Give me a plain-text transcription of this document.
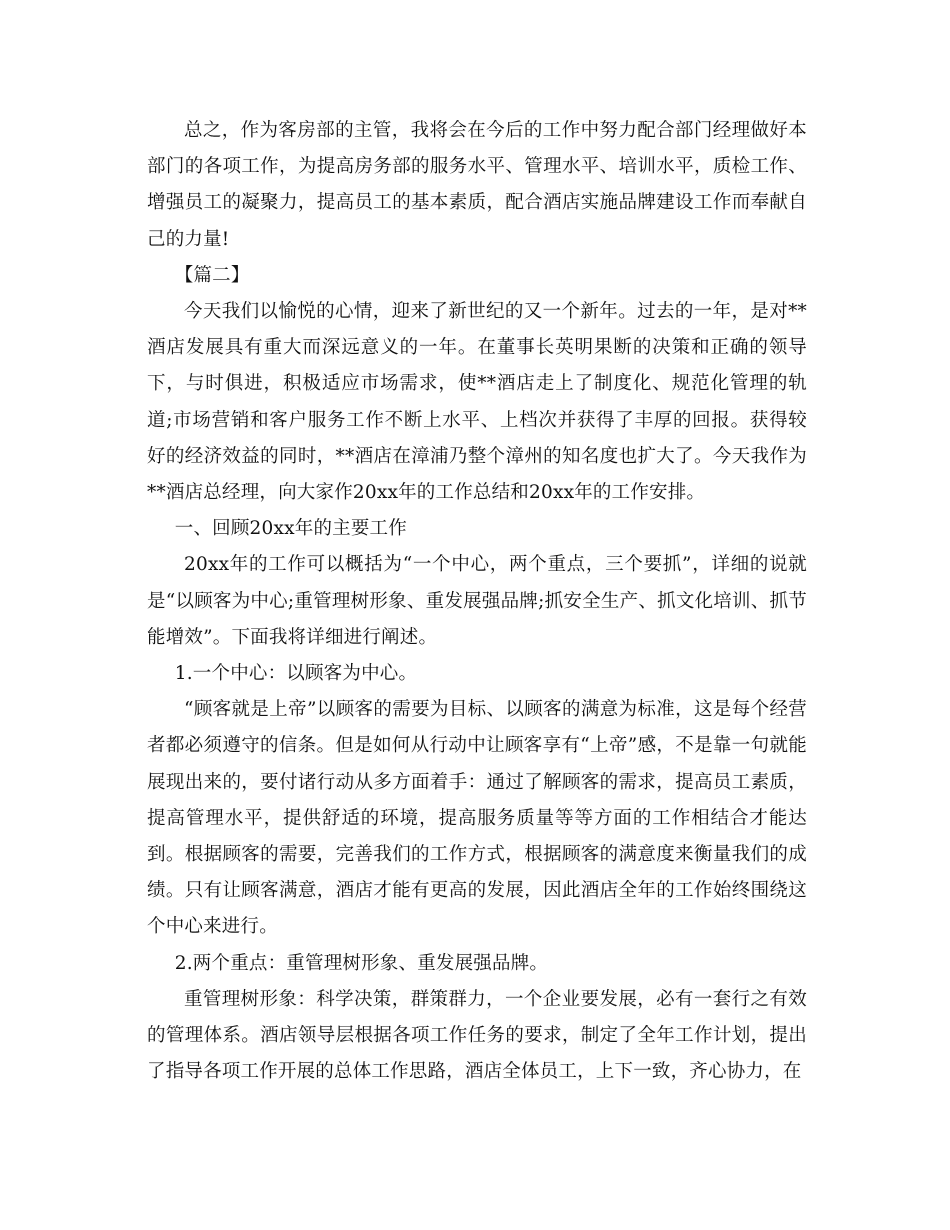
总之，作为客房部的主管，我将会在今后的工作中努力配合部门经理做好本部门的各项工作，为提高房务部的服务水平、管理水平、培训水平，质检工作、增强员工的凝聚力，提高员工的基本素质，配合酒店实施品牌建设工作而奉献自己的力量!

【篇二】

今天我们以愉悦的心情，迎来了新世纪的又一个新年。过去的一年，是对**酒店发展具有重大而深远意义的一年。在董事长英明果断的决策和正确的领导下，与时俱进，积极适应市场需求，使**酒店走上了制度化、规范化管理的轨道;市场营销和客户服务工作不断上水平、上档次并获得了丰厚的回报。获得较好的经济效益的同时，**酒店在漳浦乃整个漳州的知名度也扩大了。今天我作为**酒店总经理，向大家作20xx年的工作总结和20xx年的工作安排。

一、回顾20xx年的主要工作

20xx年的工作可以概括为“一个中心，两个重点，三个要抓”，详细的说就是“以顾客为中心;重管理树形象、重发展强品牌;抓安全生产、抓文化培训、抓节能增效”。下面我将详细进行阐述。

1.一个中心：以顾客为中心。

“顾客就是上帝”以顾客的需要为目标、以顾客的满意为标准，这是每个经营者都必须遵守的信条。但是如何从行动中让顾客享有“上帝”感，不是靠一句就能展现出来的，要付诸行动从多方面着手：通过了解顾客的需求，提高员工素质，提高管理水平，提供舒适的环境，提高服务质量等等方面的工作相结合才能达到。根据顾客的需要，完善我们的工作方式，根据顾客的满意度来衡量我们的成绩。只有让顾客满意，酒店才能有更高的发展，因此酒店全年的工作始终围绕这个中心来进行。

2.两个重点：重管理树形象、重发展强品牌。

重管理树形象：科学决策，群策群力，一个企业要发展，必有一套行之有效的管理体系。酒店领导层根据各项工作任务的要求，制定了全年工作计划，提出了指导各项工作开展的总体工作思路，酒店全体员工，上下一致，齐心协力，在
